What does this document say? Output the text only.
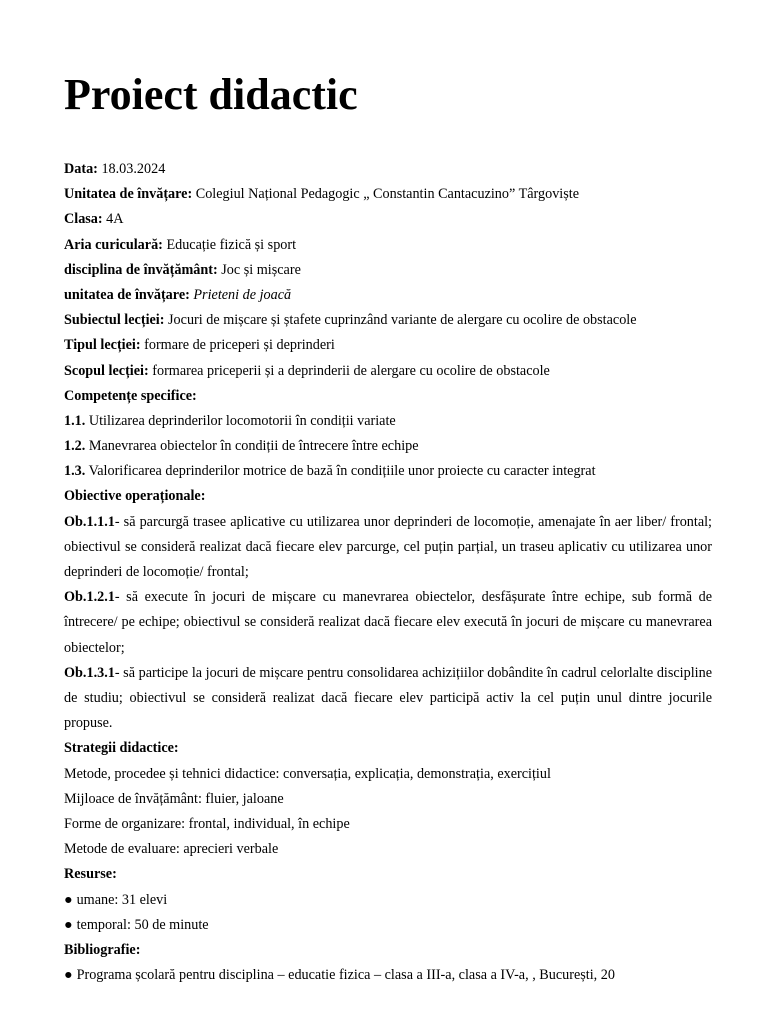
Proiect didactic

Data: 18.03.2024

Unitatea de învățare: Colegiul Național Pedagogic „ Constantin Cantacuzino” Târgoviște

Clasa: 4A

Aria curiculară: Educație fizică și sport

disciplina de învățământ: Joc și mișcare

unitatea de învățare: Prieteni de joacă

Subiectul lecției: Jocuri de mișcare și ștafete cuprinzând variante de alergare cu ocolire de obstacole

Tipul lecției: formare de priceperi și deprinderi

Scopul lecției: formarea priceperii și a deprinderii de alergare cu ocolire de obstacole

Competențe specifice:

1.1. Utilizarea deprinderilor locomotorii în condiții variate

1.2. Manevrarea obiectelor în condiții de întrecere între echipe

1.3. Valorificarea deprinderilor motrice de bază în condițiile unor proiecte cu caracter integrat

Obiective operaționale:

Ob.1.1.1- să parcurgă trasee aplicative cu utilizarea unor deprinderi de locomoție, amenajate în aer liber/ frontal; obiectivul se consideră realizat dacă fiecare elev parcurge, cel puțin parțial, un traseu aplicativ cu utilizarea unor deprinderi de locomoție/ frontal;

Ob.1.2.1- să execute în jocuri de mișcare cu manevrarea obiectelor, desfășurate între echipe, sub formă de întrecere/ pe echipe; obiectivul se consideră realizat dacă fiecare elev execută în jocuri de mișcare cu manevrarea obiectelor;

Ob.1.3.1- să participe la jocuri de mișcare pentru consolidarea achizițiilor dobândite în cadrul celorlalte discipline de studiu; obiectivul se consideră realizat dacă fiecare elev participă activ la cel puțin unul dintre jocurile propuse.

Strategii didactice:

Metode, procedee și tehnici didactice: conversația, explicația, demonstrația, exercițiul

Mijloace de învățământ: fluier, jaloane

Forme de organizare: frontal, individual, în echipe

Metode de evaluare: aprecieri verbale

Resurse:

● umane: 31 elevi

● temporal: 50 de minute

Bibliografie:

● Programa școlară pentru disciplina – educatie fizica – clasa a III-a, clasa a IV-a, , București, 20
